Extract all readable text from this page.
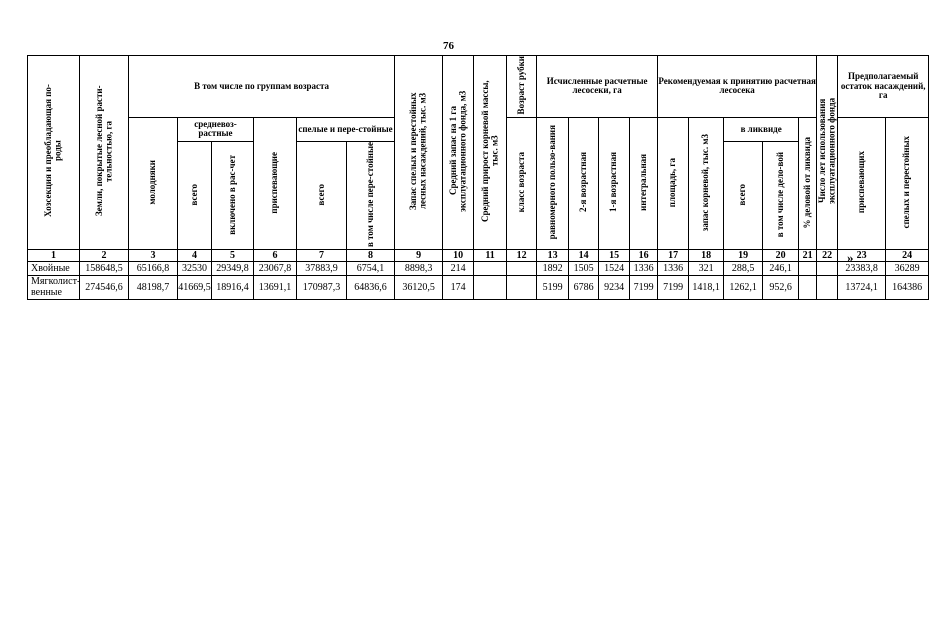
76
Хозсекция и преобладающая по-роды	Земли, покрытые лесной расти-тельностью, га	В том числе по группам возраста						Запас спелых и перестойных лесных насаждений, тыс. м3	Средний запас на 1 га эксплуатационного фонда, м3	Средний прирост корневой массы, тыс. м3	Возраст рубки	Исчисленные расчетные лесосеки, га				Рекомендуемая к принятию расчетная лесосека					Число лет использования эксплуатационного фонда	Предполагаемый остаток насаждений, га	
		молодняки	средневоз-растные		приспевающие	спелые и пере-стойные					класс возраста	равномерного пользо-вания	2-я возрастная	1-я возрастная	интегральная	площадь, га	запас корневой, тыс. м3	в ликвиде		% деловой от ликвида		приспевающих	спелых и перестойных
			всего	включено в рас-чет		всего	в том числе пере-стойные											всего	в том числе дело-вой				
1	2	3	4	5	6	7	8	9	10	11	12	13	14	15	16	17	18	19	20	21	22	23	24
Хвойные	158648,5	65166,8	32530	29349,8	23067,8	37883,9	6754,1	8898,3	214			1892	1505	1524	1336	1336	321	288,5	246,1			23383,8	36289
Мягколист-венные	274546,6	48198,7	41669,5	18916,4	13691,1	170987,3	64836,6	36120,5	174			5199	6786	9234	7199	7199	1418,1	1262,1	952,6			13724,1	164386
»
